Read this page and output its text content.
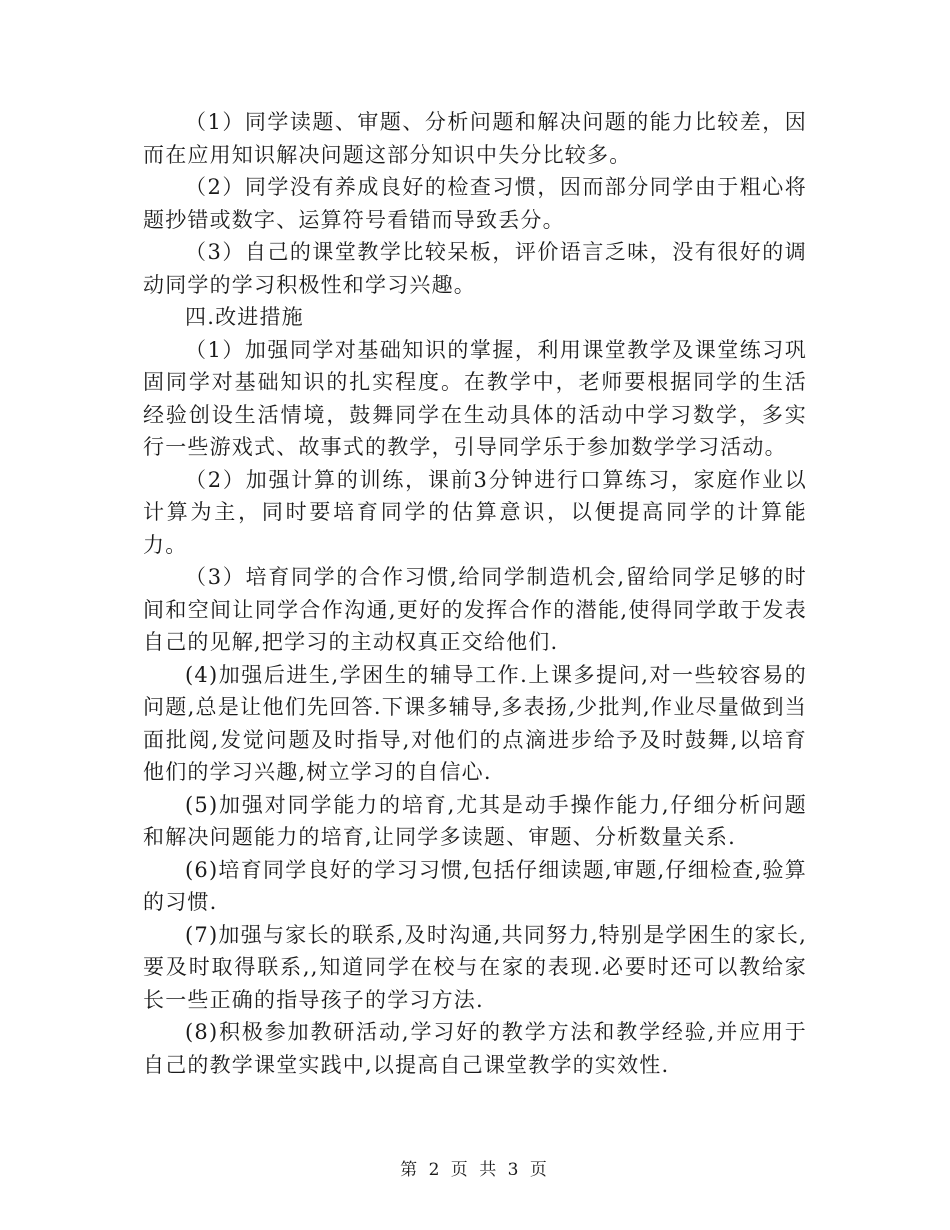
（1）同学读题、审题、分析问题和解决问题的能力比较差，因而在应用知识解决问题这部分知识中失分比较多。

（2）同学没有养成良好的检查习惯，因而部分同学由于粗心将题抄错或数字、运算符号看错而导致丢分。

（3）自己的课堂教学比较呆板，评价语言乏味，没有很好的调动同学的学习积极性和学习兴趣。

四.改进措施

（1）加强同学对基础知识的掌握，利用课堂教学及课堂练习巩固同学对基础知识的扎实程度。在教学中，老师要根据同学的生活经验创设生活情境，鼓舞同学在生动具体的活动中学习数学，多实行一些游戏式、故事式的教学，引导同学乐于参加数学学习活动。

（2）加强计算的训练，课前3分钟进行口算练习，家庭作业以计算为主，同时要培育同学的估算意识，以便提高同学的计算能力。

（3）培育同学的合作习惯,给同学制造机会,留给同学足够的时间和空间让同学合作沟通,更好的发挥合作的潜能,使得同学敢于发表自己的见解,把学习的主动权真正交给他们.

(4)加强后进生,学困生的辅导工作.上课多提问,对一些较容易的问题,总是让他们先回答.下课多辅导,多表扬,少批判,作业尽量做到当面批阅,发觉问题及时指导,对他们的点滴进步给予及时鼓舞,以培育他们的学习兴趣,树立学习的自信心.

(5)加强对同学能力的培育,尤其是动手操作能力,仔细分析问题和解决问题能力的培育,让同学多读题、审题、分析数量关系.

(6)培育同学良好的学习习惯,包括仔细读题,审题,仔细检查,验算的习惯.

(7)加强与家长的联系,及时沟通,共同努力,特别是学困生的家长,要及时取得联系,,知道同学在校与在家的表现.必要时还可以教给家长一些正确的指导孩子的学习方法.

(8)积极参加教研活动,学习好的教学方法和教学经验,并应用于自己的教学课堂实践中,以提高自己课堂教学的实效性.

第 2 页 共 3 页
